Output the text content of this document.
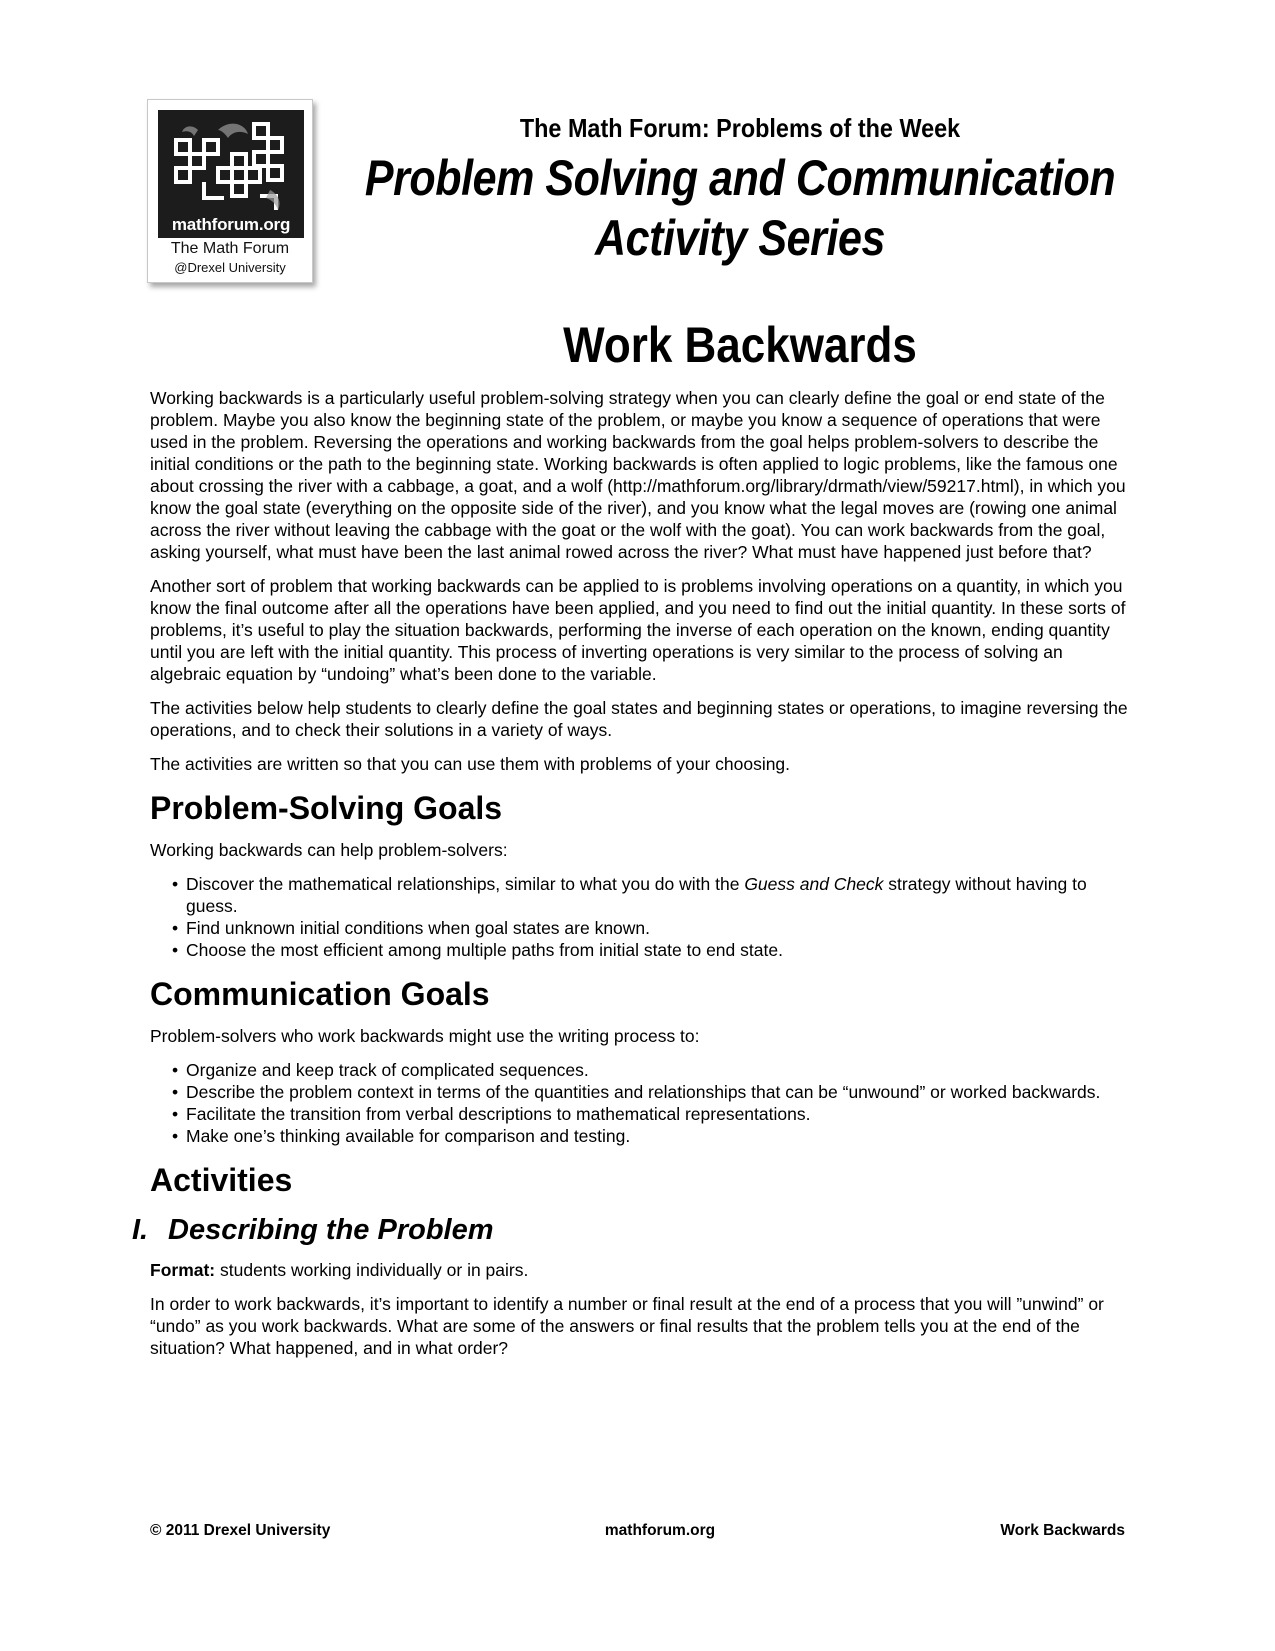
mathforum.org
The Math Forum
@Drexel University
The Math Forum: Problems of the Week
Problem Solving and Communication
Activity Series
Work Backwards

Working backwards is a particularly useful problem-solving strategy when you can clearly define the goal or end state of the problem. Maybe you also know the beginning state of the problem, or maybe you know a sequence of operations that were used in the problem. Reversing the operations and working backwards from the goal helps problem-solvers to describe the initial conditions or the path to the beginning state. Working backwards is often applied to logic problems, like the famous one about crossing the river with a cabbage, a goat, and a wolf (http://mathforum.org/library/drmath/view/59217.html), in which you know the goal state (everything on the opposite side of the river), and you know what the legal moves are (rowing one animal across the river without leaving the cabbage with the goat or the wolf with the goat). You can work backwards from the goal, asking yourself, what must have been the last animal rowed across the river? What must have happened just before that?

Another sort of problem that working backwards can be applied to is problems involving operations on a quantity, in which you know the final outcome after all the operations have been applied, and you need to find out the initial quantity. In these sorts of problems, it’s useful to play the situation backwards, performing the inverse of each operation on the known, ending quantity until you are left with the initial quantity. This process of inverting operations is very similar to the process of solving an algebraic equation by “undoing” what’s been done to the variable.

The activities below help students to clearly define the goal states and beginning states or operations, to imagine reversing the operations, and to check their solutions in a variety of ways.

The activities are written so that you can use them with problems of your choosing.

Problem-Solving Goals

Working backwards can help problem-solvers:

• Discover the mathematical relationships, similar to what you do with the Guess and Check strategy without having to guess.
• Find unknown initial conditions when goal states are known.
• Choose the most efficient among multiple paths from initial state to end state.
Communication Goals

Problem-solvers who work backwards might use the writing process to:

• Organize and keep track of complicated sequences.
• Describe the problem context in terms of the quantities and relationships that can be “unwound” or worked backwards.
• Facilitate the transition from verbal descriptions to mathematical representations.
• Make one’s thinking available for comparison and testing.
Activities
I. Describing the Problem

Format: students working individually or in pairs.

In order to work backwards, it’s important to identify a number or final result at the end of a process that you will ”unwind” or “undo” as you work backwards. What are some of the answers or final results that the problem tells you at the end of the situation? What happened, and in what order?

© 2011 Drexel University	mathforum.org	Work Backwards
